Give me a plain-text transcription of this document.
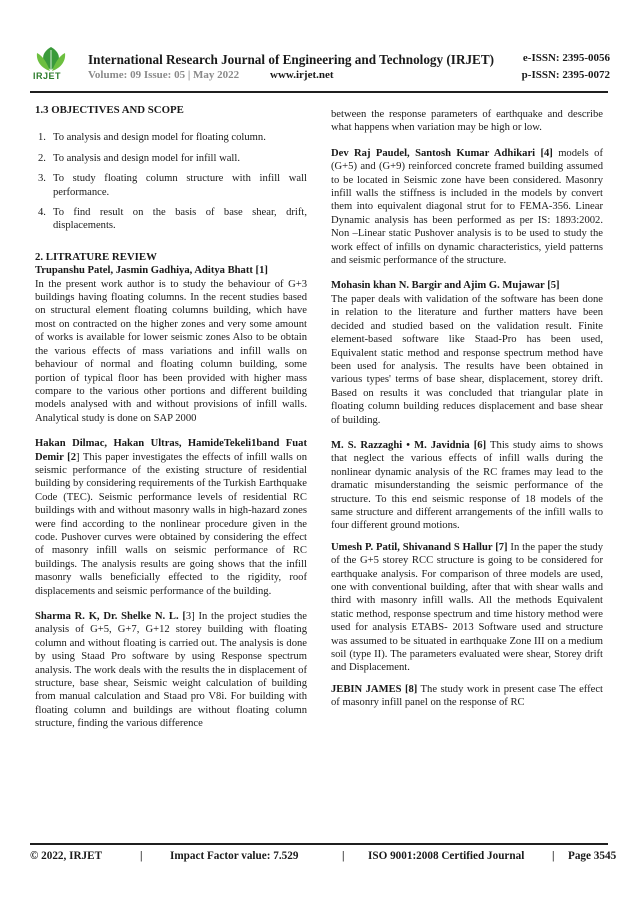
IRJET
International Research Journal of Engineering and Technology (IRJET)	e-ISSN: 2395-0056
Volume: 09 Issue: 05 | May 2022	www.irjet.net	p-ISSN: 2395-0072
1.3 OBJECTIVES AND SCOPE
1. To analysis and design model for floating column.
2. To analysis and design model for infill wall.
3. To study floating column structure with infill wall performance.
4. To find result on the basis of base shear, drift, displacements.
2. LITRATURE REVIEW

Trupanshu Patel, Jasmin Gadhiya, Aditya Bhatt [1]
In the present work author is to study the behaviour of G+3 buildings having floating columns. In the recent studies based on structural element floating columns building, which have most on contracted on the higher zones and very some amount of works is available for lower seismic zones Also to be obtain the various effects of mass variations and infill walls on behaviour of normal and floating column building, some portion of typical floor has been provided with higher mass compare to the various other portions and different building models analysed with and without provisions of infill walls. Analytical study is done on SAP 2000

Hakan Dilmac, Hakan Ultras, HamideTekeli1band Fuat Demir [2] This paper investigates the effects of infill walls on seismic performance of the existing structure of residential building by considering requirements of the Turkish Earthquake Code (TEC). Seismic performance levels of residential RC buildings with and without masonry walls in high-hazard zones were find according to the nonlinear procedure given in the code. Pushover curves were obtained by considering the effect of masonry infill walls on seismic performance of RC buildings. The analysis results are going shows that the infill masonry walls beneficially effected to the rigidity, roof displacements and seismic performance of the building.

Sharma R. K, Dr. Shelke N. L. [3] In the project studies the analysis of G+5, G+7, G+12 storey building with floating column and without floating is carried out. The analysis is done by using Staad Pro software by using Response spectrum analysis. The work deals with the results the in displacement of structure, base shear, Seismic weight calculation of building from manual calculation and Staad pro V8i. For building with floating column and buildings are without floating column structure, finding the various difference

between the response parameters of earthquake and describe what happens when variation may be high or low.

Dev Raj Paudel, Santosh Kumar Adhikari [4] models of (G+5) and (G+9) reinforced concrete framed building assumed to be located in Seismic zone have been considered. Masonry infill walls the stiffness is included in the models by convert them into equivalent diagonal strut for to FEMA-356. Linear Dynamic analysis has been performed as per IS: 1893:2002. Non –Linear static Pushover analysis is to be used to study the work effect of infills on dynamic characteristics, yield patterns and seismic performance of the structure.

Mohasin khan N. Bargir and Ajim G. Mujawar [5]
The paper deals with validation of the software has been done in relation to the literature and further matters have been decided and studied based on the validation result. Finite element-based software like Staad-Pro has been used, Equivalent static method and response spectrum method have been used for analysis. The results have been obtained in various types' terms of base shear, displacement, storey drift. Based on results it was concluded that triangular plate in floating column building reduces displacement and base shear of building.

M. S. Razzaghi • M. Javidnia [6] This study aims to shows that neglect the various effects of infill walls during the nonlinear dynamic analysis of the RC frames may lead to the dramatic misunderstanding the seismic performance of the structure. To this end seismic response of 18 models of the same structure and different arrangements of the infill walls to four different ground motions.

Umesh P. Patil, Shivanand S Hallur [7] In the paper the study of the G+5 storey RCC structure is going to be considered for earthquake analysis. For comparison of three models are used, one with conventional building, after that with shear walls and third with masonry infill walls. All the methods Equivalent static method, response spectrum and time history method were used for analysis ETABS- 2013 Software used and structure was assumed to be situated in earthquake Zone III on a medium soil (type II). The parameters evaluated were shear, Storey drift and Displacement.

JEBIN JAMES [8] The study work in present case The effect of masonry infill panel on the response of RC

© 2022, IRJET	| Impact Factor value: 7.529	| ISO 9001:2008 Certified Journal | Page 3545
